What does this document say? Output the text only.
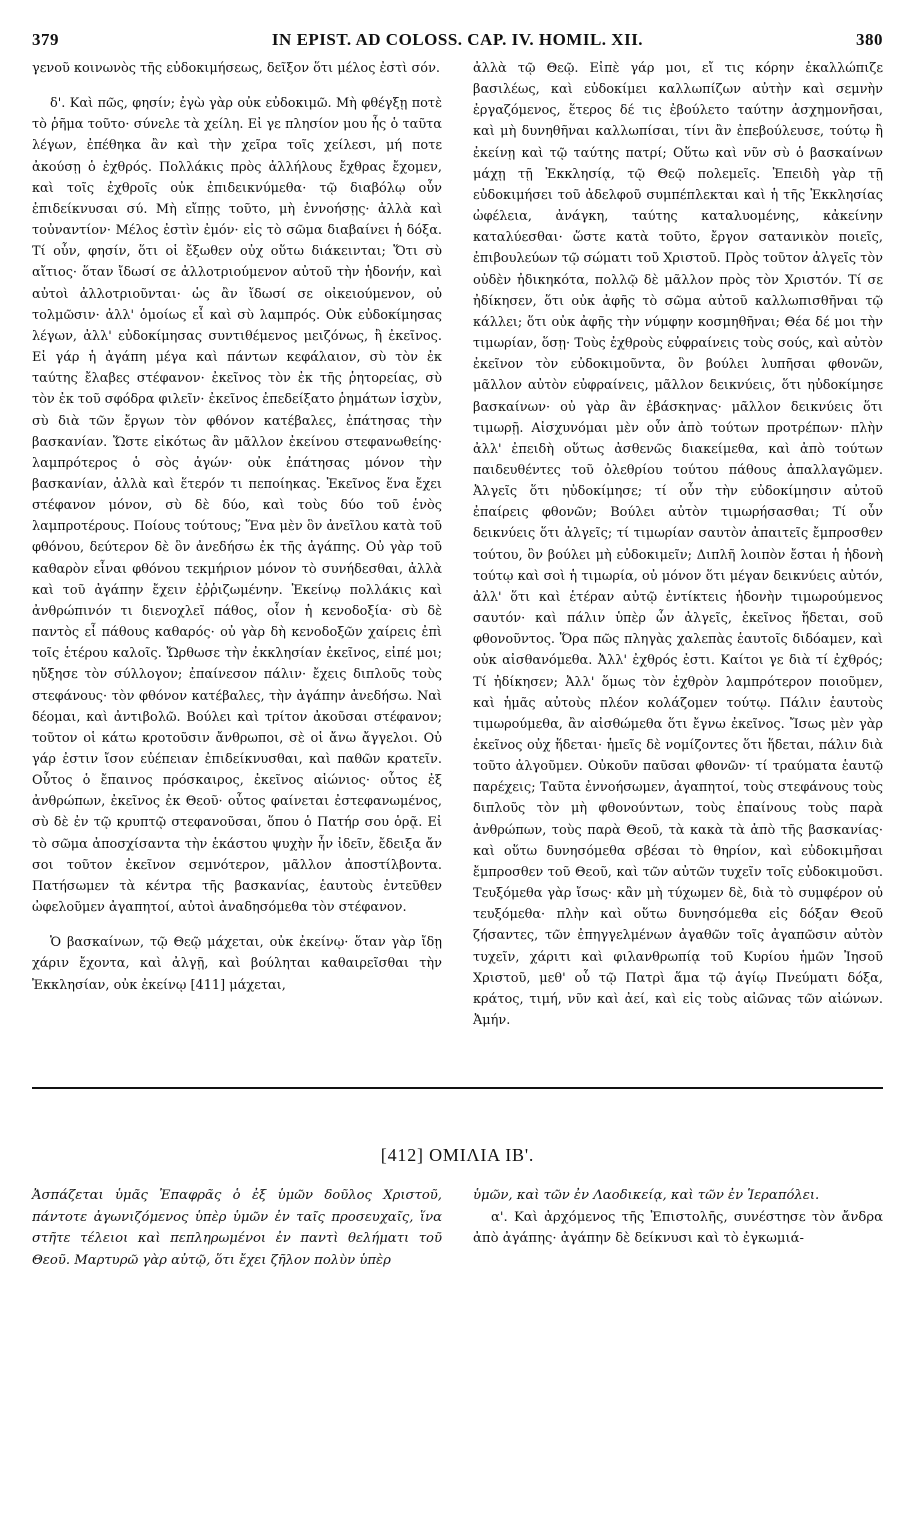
379	IN EPIST. AD COLOSS. CAP. IV. HOMIL. XII.	380

γενοῦ κοινωνὸς τῆς εὐδοκιμήσεως, δεῖξον ὅτι μέλος ἐστὶ σόν.

δ'. Καὶ πῶς, φησίν; ἐγὼ γὰρ οὐκ εὐδοκιμῶ. Μὴ φθέγξῃ ποτὲ τὸ ῥῆμα τοῦτο· σύνελε τὰ χείλη. Εἰ γε πλησίον μου ἧς ὁ ταῦτα λέγων, ἐπέθηκα ἂν καὶ τὴν χεῖρα τοῖς χείλεσι, μή ποτε ἀκούσῃ ὁ ἐχθρός. Πολλάκις πρὸς ἀλλήλους ἔχθρας ἔχομεν, καὶ τοῖς ἐχθροῖς οὐκ ἐπιδεικνύμεθα· τῷ διαβόλῳ οὖν ἐπιδείκνυσαι σύ. Μὴ εἴπῃς τοῦτο, μὴ ἐννοήσῃς· ἀλλὰ καὶ τοὐναντίον· Μέλος ἐστὶν ἐμόν· εἰς τὸ σῶμα διαβαίνει ἡ δόξα. Τί οὖν, φησίν, ὅτι οἱ ἔξωθεν οὐχ οὕτω διάκεινται; Ὅτι σὺ αἴτιος· ὅταν ἴδωσί σε ἀλλοτριούμενον αὐτοῦ τὴν ἡδονήν, καὶ αὐτοὶ ἀλλοτριοῦνται· ὡς ἂν ἴδωσί σε οἰκειούμενον, οὐ τολμῶσιν· ἀλλ' ὁμοίως εἶ καὶ σὺ λαμπρός. Οὐκ εὐδοκίμησας λέγων, ἀλλ' εὐδοκίμησας συντιθέμενος μειζόνως, ἢ ἐκεῖνος. Εἰ γάρ ἡ ἀγάπη μέγα καὶ πάντων κεφάλαιον, σὺ τὸν ἐκ ταύτης ἔλαβες στέφανον· ἐκεῖνος τὸν ἐκ τῆς ῥητορείας, σὺ τὸν ἐκ τοῦ σφόδρα φιλεῖν· ἐκεῖνος ἐπεδείξατο ῥημάτων ἰσχὺν, σὺ διὰ τῶν ἔργων τὸν φθόνον κατέβαλες, ἐπάτησας τὴν βασκανίαν. Ὥστε εἰκότως ἂν μᾶλλον ἐκείνου στεφανωθείης· λαμπρότερος ὁ σὸς ἀγών· οὐκ ἐπάτησας μόνον τὴν βασκανίαν, ἀλλὰ καὶ ἕτερόν τι πεποίηκας. Ἐκεῖνος ἕνα ἔχει στέφανον μόνον, σὺ δὲ δύο, καὶ τοὺς δύο τοῦ ἑνὸς λαμπροτέρους. Ποίους τούτους; Ἕνα μὲν ὃν ἀνεῖλου κατὰ τοῦ φθόνου, δεύτερον δὲ ὃν ἀνεδήσω ἐκ τῆς ἀγάπης. Οὐ γὰρ τοῦ καθαρὸν εἶναι φθόνου τεκμήριον μόνον τὸ συνήδεσθαι, ἀλλὰ καὶ τοῦ ἀγάπην ἔχειν ἐῤῥιζωμένην. Ἐκείνῳ πολλάκις καὶ ἀνθρώπινόν τι διενοχλεῖ πάθος, οἷον ἡ κενοδοξία· σὺ δὲ παντὸς εἶ πάθους καθαρός· οὐ γὰρ δὴ κενοδοξῶν χαίρεις ἐπὶ τοῖς ἑτέρου καλοῖς. Ὤρθωσε τὴν ἐκκλησίαν ἐκεῖνος, εἰπέ μοι; ηὔξησε τὸν σύλλογον; ἐπαίνεσον πάλιν· ἔχεις διπλοῦς τοὺς στεφάνους· τὸν φθόνον κατέβαλες, τὴν ἀγάπην ἀνεδήσω. Ναὶ δέομαι, καὶ ἀντιβολῶ. Βούλει καὶ τρίτον ἀκοῦσαι στέφανον; τοῦτον οἱ κάτω κροτοῦσιν ἄνθρωποι, σὲ οἱ ἄνω ἄγγελοι. Οὐ γάρ ἐστιν ἴσον εὐέπειαν ἐπιδείκνυσθαι, καὶ παθῶν κρατεῖν. Οὗτος ὁ ἔπαινος πρόσκαιρος, ἐκεῖνος αἰώνιος· οὗτος ἐξ ἀνθρώπων, ἐκεῖνος ἐκ Θεοῦ· οὗτος φαίνεται ἐστεφανωμένος, σὺ δὲ ἐν τῷ κρυπτῷ στεφανοῦσαι, ὅπου ὁ Πατήρ σου ὁρᾷ. Εἰ τὸ σῶμα ἀποσχίσαντα τὴν ἑκάστου ψυχὴν ἦν ἰδεῖν, ἔδειξα ἄν σοι τοῦτον ἐκεῖνον σεμνότερον, μᾶλλον ἀποστίλβοντα. Πατήσωμεν τὰ κέντρα τῆς βασκανίας, ἑαυτοὺς ἐντεῦθεν ὠφελοῦμεν ἀγαπητοί, αὐτοὶ ἀναδησόμεθα τὸν στέφανον.

Ὁ βασκαίνων, τῷ Θεῷ μάχεται, οὐκ ἐκείνῳ· ὅταν γὰρ ἴδῃ χάριν ἔχοντα, καὶ ἀλγῇ, καὶ βούληται καθαιρεῖσθαι τὴν Ἐκκλησίαν, οὐκ ἐκείνῳ [411] μάχεται,

ἀλλὰ τῷ Θεῷ. Εἰπὲ γάρ μοι, εἴ τις κόρην ἐκαλλώπιζε βασιλέως, καὶ εὐδοκίμει καλλωπίζων αὐτὴν καὶ σεμνὴν ἐργαζόμενος, ἕτερος δέ τις ἐβούλετο ταύτην ἀσχημονῆσαι, καὶ μὴ δυνηθῆναι καλλωπίσαι, τίνι ἂν ἐπεβούλευσε, τούτῳ ἢ ἐκείνῃ καὶ τῷ ταύτης πατρί; Οὕτω καὶ νῦν σὺ ὁ βασκαίνων μάχῃ τῇ Ἐκκλησίᾳ, τῷ Θεῷ πολεμεῖς. Ἐπειδὴ γὰρ τῇ εὐδοκιμήσει τοῦ ἀδελφοῦ συμπέπλεκται καὶ ἡ τῆς Ἐκκλησίας ὠφέλεια, ἀνάγκη, ταύτης καταλυομένης, κἀκείνην καταλύεσθαι· ὥστε κατὰ τοῦτο, ἔργον σατανικὸν ποιεῖς, ἐπιβουλεύων τῷ σώματι τοῦ Χριστοῦ. Πρὸς τοῦτον ἀλγεῖς τὸν οὐδὲν ἠδικηκότα, πολλῷ δὲ μᾶλλον πρὸς τὸν Χριστόν. Τί σε ἠδίκησεν, ὅτι οὐκ ἀφῆς τὸ σῶμα αὐτοῦ καλλωπισθῆναι τῷ κάλλει; ὅτι οὐκ ἀφῆς τὴν νύμφην κοσμηθῆναι; Θέα δέ μοι τὴν τιμωρίαν, ὅσῃ· Τοὺς ἐχθροὺς εὐφραίνεις τοὺς σούς, καὶ αὐτὸν ἐκεῖνον τὸν εὐδοκιμοῦντα, ὃν βούλει λυπῆσαι φθονῶν, μᾶλλον αὐτὸν εὐφραίνεις, μᾶλλον δεικνύεις, ὅτι ηὐδοκίμησε βασκαίνων· οὐ γὰρ ἂν ἐβάσκηνας· μᾶλλον δεικνύεις ὅτι τιμωρῇ. Αἰσχυνόμαι μὲν οὖν ἀπὸ τούτων προτρέπων· πλὴν ἀλλ' ἐπειδὴ οὕτως ἀσθενῶς διακείμεθα, καὶ ἀπὸ τούτων παιδευθέντες τοῦ ὀλεθρίου τούτου πάθους ἀπαλλαγῶμεν. Ἀλγεῖς ὅτι ηὐδοκίμησε; τί οὖν τὴν εὐδοκίμησιν αὐτοῦ ἐπαίρεις φθονῶν; Βούλει αὐτὸν τιμωρήσασθαι; Τί οὖν δεικνύεις ὅτι ἀλγεῖς; τί τιμωρίαν σαυτὸν ἀπαιτεῖς ἔμπροσθεν τούτου, ὃν βούλει μὴ εὐδοκιμεῖν; Διπλῆ λοιπὸν ἔσται ἡ ἡδονὴ τούτῳ καὶ σοὶ ἡ τιμωρία, οὐ μόνον ὅτι μέγαν δεικνύεις αὐτόν, ἀλλ' ὅτι καὶ ἑτέραν αὐτῷ ἐντίκτεις ἡδονὴν τιμωρούμενος σαυτόν· καὶ πάλιν ὑπὲρ ὧν ἀλγεῖς, ἐκεῖνος ἥδεται, σοῦ φθονοῦντος. Ὅρα πῶς πληγὰς χαλεπὰς ἑαυτοῖς διδόαμεν, καὶ οὐκ αἰσθανόμεθα. Ἀλλ' ἐχθρός ἐστι. Καίτοι γε διὰ τί ἐχθρός; Τί ἠδίκησεν; Ἀλλ' ὅμως τὸν ἐχθρὸν λαμπρότερον ποιοῦμεν, καὶ ἡμᾶς αὐτοὺς πλέον κολάζομεν τούτῳ. Πάλιν ἑαυτοὺς τιμωρούμεθα, ἂν αἰσθώμεθα ὅτι ἔγνω ἐκεῖνος. Ἴσως μὲν γὰρ ἐκεῖνος οὐχ ἥδεται· ἡμεῖς δὲ νομίζοντες ὅτι ἥδεται, πάλιν διὰ τοῦτο ἀλγοῦμεν. Οὐκοῦν παῦσαι φθονῶν· τί τραύματα ἑαυτῷ παρέχεις; Ταῦτα ἐννοήσωμεν, ἀγαπητοί, τοὺς στεφάνους τοὺς διπλοῦς τὸν μὴ φθονούντων, τοὺς ἐπαίνους τοὺς παρὰ ἀνθρώπων, τοὺς παρὰ Θεοῦ, τὰ κακὰ τὰ ἀπὸ τῆς βασκανίας· καὶ οὕτω δυνησόμεθα σβέσαι τὸ θηρίον, καὶ εὐδοκιμῆσαι ἔμπροσθεν τοῦ Θεοῦ, καὶ τῶν αὐτῶν τυχεῖν τοῖς εὐδοκιμοῦσι. Τευξόμεθα γὰρ ἴσως· κἂν μὴ τύχωμεν δὲ, διὰ τὸ συμφέρον οὐ τευξόμεθα· πλὴν καὶ οὕτω δυνησόμεθα εἰς δόξαν Θεοῦ ζήσαντες, τῶν ἐπηγγελμένων ἀγαθῶν τοῖς ἀγαπῶσιν αὐτὸν τυχεῖν, χάριτι καὶ φιλανθρωπίᾳ τοῦ Κυρίου ἡμῶν Ἰησοῦ Χριστοῦ, μεθ' οὗ τῷ Πατρὶ ἅμα τῷ ἁγίῳ Πνεύματι δόξα, κράτος, τιμή, νῦν καὶ ἀεί, καὶ εἰς τοὺς αἰῶνας τῶν αἰώνων. Ἀμήν.

[412] ΟΜΙΛΙΑ ΙΒ'.

Ἀσπάζεται ὑμᾶς Ἐπαφρᾶς ὁ ἐξ ὑμῶν δοῦλος Χριστοῦ, πάντοτε ἀγωνιζόμενος ὑπὲρ ὑμῶν ἐν ταῖς προσευχαῖς, ἵνα στῆτε τέλειοι καὶ πεπληρωμένοι ἐν παντὶ θελήματι τοῦ Θεοῦ. Μαρτυρῶ γὰρ αὐτῷ, ὅτι ἔχει ζῆλον πολὺν ὑπὲρ

ὑμῶν, καὶ τῶν ἐν Λαοδικείᾳ, καὶ τῶν ἐν Ἱεραπόλει.

α'. Καὶ ἀρχόμενος τῆς Ἐπιστολῆς, συνέστησε τὸν ἄνδρα ἀπὸ ἀγάπης· ἀγάπην δὲ δείκνυσι καὶ τὸ ἐγκωμιά-
